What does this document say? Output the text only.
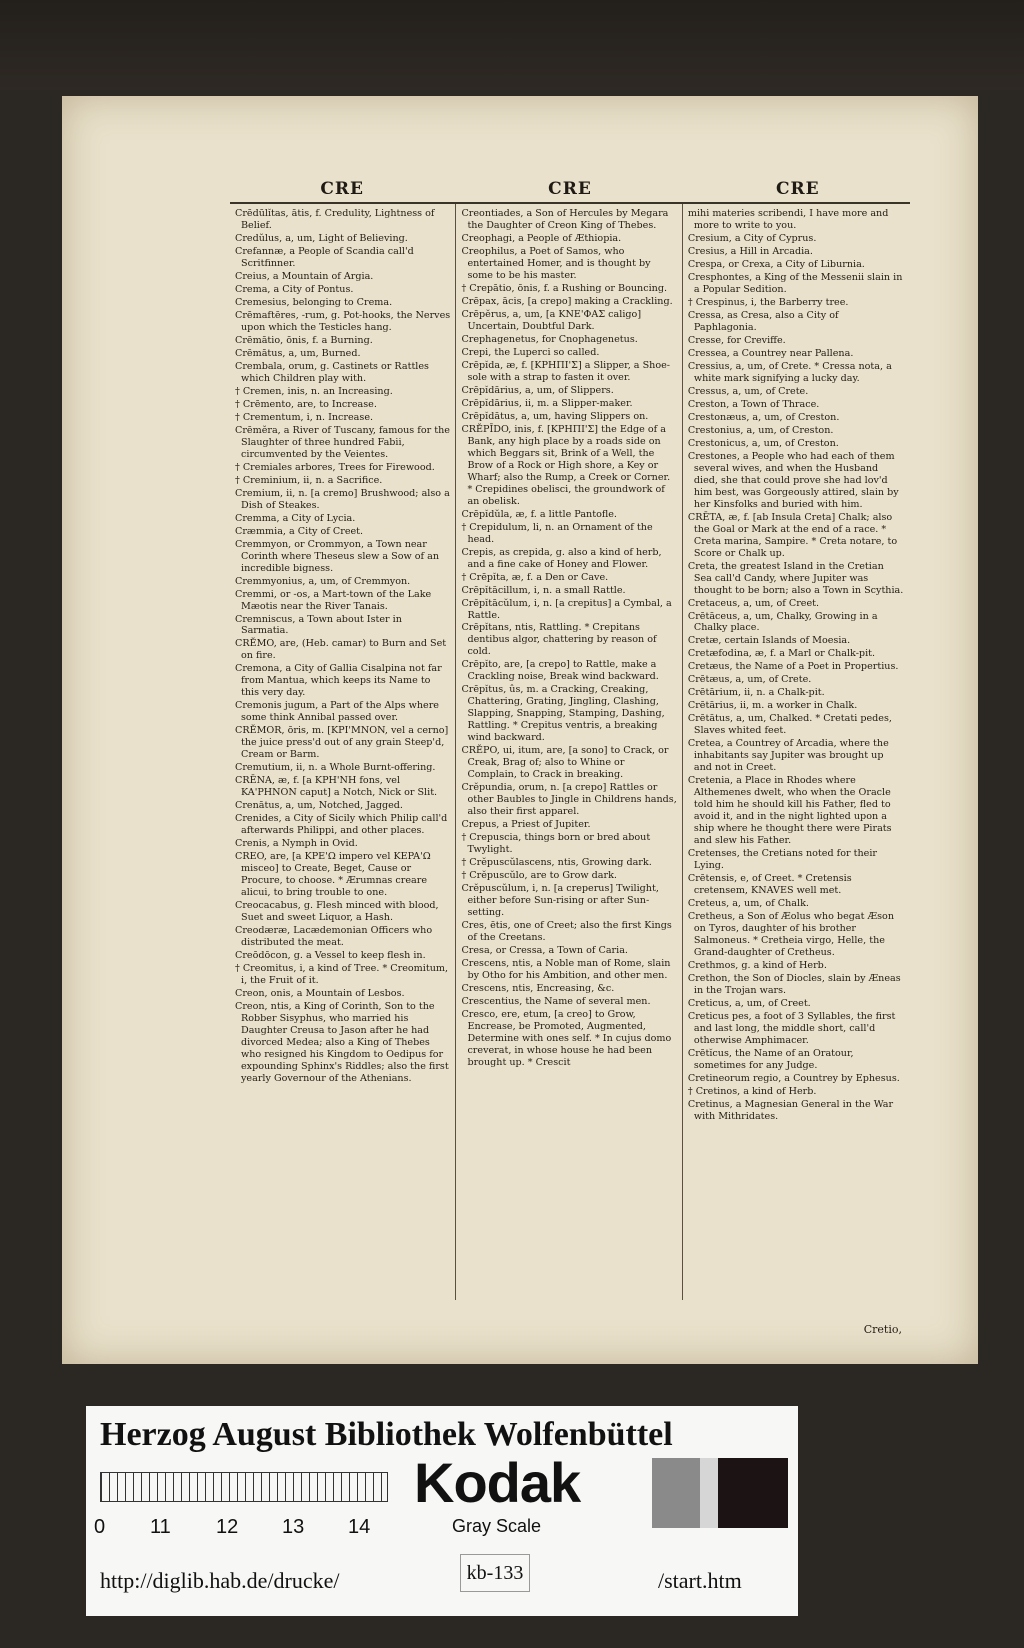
CRE	CRE	CRE

Crēdūlĭtas, ātis, f. Credulity, Lightness of Belief.

Credŭlus, a, um, Light of Believing.

Crefannæ, a People of Scandia call'd Scritfinner.

Creius, a Mountain of Argia.

Crema, a City of Pontus.

Cremesius, belonging to Crema.

Crēmaftēres, -rum, g. Pot-hooks, the Nerves upon which the Testicles hang.

Crēmātio, ōnis, f. a Burning.

Crēmātus, a, um, Burned.

Crembala, orum, g. Castinets or Rattles which Children play with.

† Cremen, inis, n. an Increasing.

† Crēmento, are, to Increase.

† Crementum, i, n. Increase.

Crēmĕra, a River of Tuscany, famous for the Slaughter of three hundred Fabii, circumvented by the Veientes.

† Cremiales arbores, Trees for Firewood.

† Creminium, ii, n. a Sacrifice.

Cremium, ii, n. [a cremo] Brushwood; also a Dish of Steakes.

Cremma, a City of Lycia.

Cræmmia, a City of Creet.

Cremmyon, or Crommyon, a Town near Corinth where Theseus slew a Sow of an incredible bigness.

Cremmyonius, a, um, of Cremmyon.

Cremmi, or -os, a Mart-town of the Lake Mæotis near the River Tanais.

Cremniscus, a Town about Ister in Sarmatia.

CRĔMO, are, (Heb. camar) to Burn and Set on fire.

Cremona, a City of Gallia Cisalpina not far from Mantua, which keeps its Name to this very day.

Cremonis jugum, a Part of the Alps where some think Annibal passed over.

CRĔMOR, ōris, m. [KPI'MNON, vel a cerno] the juice press'd out of any grain Steep'd, Cream or Barm.

Cremutium, ii, n. a Whole Burnt-offering.

CRĒNA, æ, f. [a KPH'NH fons, vel KA'PHNON caput] a Notch, Nick or Slit.

Crenātus, a, um, Notched, Jagged.

Crenides, a City of Sicily which Philip call'd afterwards Philippi, and other places.

Crenis, a Nymph in Ovid.

CREO, are, [a KPE'Ω impero vel KEPA'Ω misceo] to Create, Beget, Cause or Procure, to choose. * Ærumnas creare alicui, to bring trouble to one.

Creocacabus, g. Flesh minced with blood, Suet and sweet Liquor, a Hash.

Creodæræ, Lacædemonian Officers who distributed the meat.

Creōdōcon, g. a Vessel to keep flesh in.

† Creomitus, i, a kind of Tree. * Creomitum, i, the Fruit of it.

Creon, onis, a Mountain of Lesbos.

Creon, ntis, a King of Corinth, Son to the Robber Sisyphus, who married his Daughter Creusa to Jason after he had divorced Medea; also a King of Thebes who resigned his Kingdom to Oedipus for expounding Sphinx's Riddles; also the first yearly Governour of the Athenians.

Creontiades, a Son of Hercules by Megara the Daughter of Creon King of Thebes.

Creophagi, a People of Æthiopia.

Creophilus, a Poet of Samos, who entertained Homer, and is thought by some to be his master.

† Crepātio, ōnis, f. a Rushing or Bouncing.

Crēpax, ācis, [a crepo] making a Crackling.

Crēpĕrus, a, um, [a KNE'ΦAΣ caligo] Uncertain, Doubtful Dark.

Crephagenetus, for Cnophagenetus.

Crepi, the Luperci so called.

Crēpĭda, æ, f. [KPHΠΙ'Σ] a Slipper, a Shoe-sole with a strap to fasten it over.

Crēpĭdārius, a, um, of Slippers.

Crēpĭdārius, ii, m. a Slipper-maker.

Crēpĭdātus, a, um, having Slippers on.

CRĔPĪDO, inis, f. [KPHΠΙ'Σ] the Edge of a Bank, any high place by a roads side on which Beggars sit, Brink of a Well, the Brow of a Rock or High shore, a Key or Wharf; also the Rump, a Creek or Corner. * Crepidines obelisci, the groundwork of an obelisk.

Crēpĭdŭla, æ, f. a little Pantofle.

† Crepidulum, li, n. an Ornament of the head.

Crepis, as crepida, g. also a kind of herb, and a fine cake of Honey and Flower.

† Crēpĭta, æ, f. a Den or Cave.

Crēpĭtācillum, i, n. a small Rattle.

Crēpĭtācŭlum, i, n. [a crepitus] a Cymbal, a Rattle.

Crēpĭtans, ntis, Rattling. * Crepitans dentibus algor, chattering by reason of cold.

Crēpĭto, are, [a crepo] to Rattle, make a Crackling noise, Break wind backward.

Crēpĭtus, ûs, m. a Cracking, Creaking, Chattering, Grating, Jingling, Clashing, Slapping, Snapping, Stamping, Dashing, Rattling. * Crepitus ventris, a breaking wind backward.

CRĔPO, ui, itum, are, [a sono] to Crack, or Creak, Brag of; also to Whine or Complain, to Crack in breaking.

Crĕpundia, orum, n. [a crepo] Rattles or other Baubles to Jingle in Childrens hands, also their first apparel.

Crepus, a Priest of Jupiter.

† Crepuscia, things born or bred about Twylight.

† Crĕpuscŭlascens, ntis, Growing dark.

† Crĕpuscŭlo, are to Grow dark.

Crĕpuscŭlum, i, n. [a creperus] Twilight, either before Sun-rising or after Sun-setting.

Cres, ētis, one of Creet; also the first Kings of the Creetans.

Cresa, or Cressa, a Town of Caria.

Crescens, ntis, a Noble man of Rome, slain by Otho for his Ambition, and other men.

Crescens, ntis, Encreasing, &c.

Crescentius, the Name of several men.

Cresco, ere, etum, [a creo] to Grow, Encrease, be Promoted, Augmented, Determine with ones self. * In cujus domo creverat, in whose house he had been brought up. * Crescit

mihi materies scribendi, I have more and more to write to you.

Cresium, a City of Cyprus.

Cresius, a Hill in Arcadia.

Crespa, or Crexa, a City of Liburnia.

Cresphontes, a King of the Messenii slain in a Popular Sedition.

† Crespinus, i, the Barberry tree.

Cressa, as Cresa, also a City of Paphlagonia.

Cresse, for Creviffe.

Cressea, a Countrey near Pallena.

Cressius, a, um, of Crete. * Cressa nota, a white mark signifying a lucky day.

Cressus, a, um, of Crete.

Creston, a Town of Thrace.

Crestonæus, a, um, of Creston.

Crestonius, a, um, of Creston.

Crestonicus, a, um, of Creston.

Crestones, a People who had each of them several wives, and when the Husband died, she that could prove she had lov'd him best, was Gorgeously attired, slain by her Kinsfolks and buried with him.

CRĒTA, æ, f. [ab Insula Creta] Chalk; also the Goal or Mark at the end of a race. * Creta marina, Sampire. * Creta notare, to Score or Chalk up.

Creta, the greatest Island in the Cretian Sea call'd Candy, where Jupiter was thought to be born; also a Town in Scythia.

Cretaceus, a, um, of Creet.

Crētāceus, a, um, Chalky, Growing in a Chalky place.

Cretæ, certain Islands of Moesia.

Cretæfodina, æ, f. a Marl or Chalk-pit.

Cretæus, the Name of a Poet in Propertius.

Crētæus, a, um, of Crete.

Crētārium, ii, n. a Chalk-pit.

Crētārius, ii, m. a worker in Chalk.

Crētātus, a, um, Chalked. * Cretati pedes, Slaves whited feet.

Cretea, a Countrey of Arcadia, where the inhabitants say Jupiter was brought up and not in Creet.

Cretenia, a Place in Rhodes where Althemenes dwelt, who when the Oracle told him he should kill his Father, fled to avoid it, and in the night lighted upon a ship where he thought there were Pirats and slew his Father.

Cretenses, the Cretians noted for their Lying.

Crētensis, e, of Creet. * Cretensis cretensem, KNAVES well met.

Creteus, a, um, of Chalk.

Cretheus, a Son of Æolus who begat Æson on Tyros, daughter of his brother Salmoneus. * Cretheia virgo, Helle, the Grand-daughter of Cretheus.

Crethmos, g. a kind of Herb.

Crethon, the Son of Diocles, slain by Æneas in the Trojan wars.

Creticus, a, um, of Creet.

Creticus pes, a foot of 3 Syllables, the first and last long, the middle short, call'd otherwise Amphimacer.

Crētĭcus, the Name of an Oratour, sometimes for any Judge.

Cretineorum regio, a Countrey by Ephesus.

† Cretinos, a kind of Herb.

Cretinus, a Magnesian General in the War with Mithridates.

Cretio,
Herzog August Bibliothek Wolfenbüttel
0 11 12 13 14
Kodak
Gray Scale
http://diglib.hab.de/drucke/	kb-133	/start.htm
